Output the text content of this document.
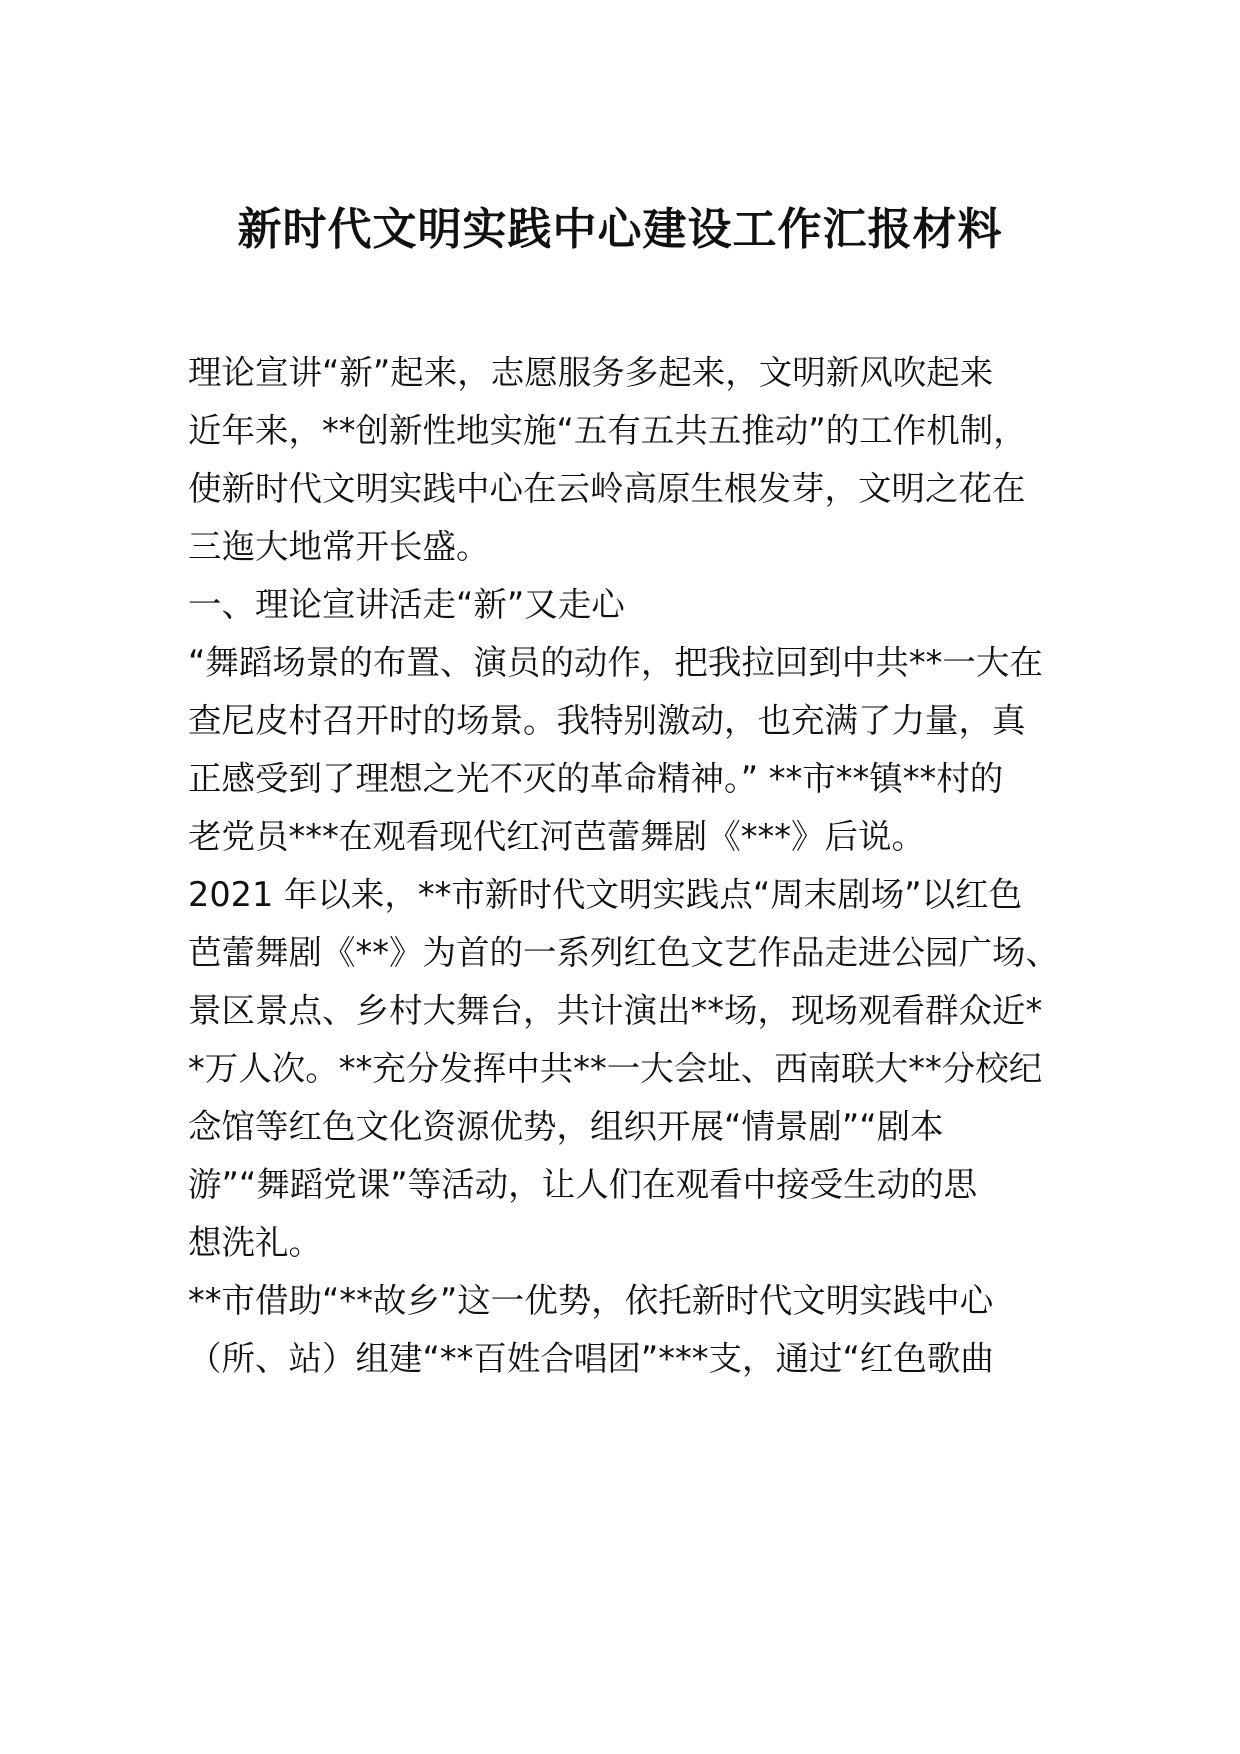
新时代文明实践中心建设工作汇报材料
理论宣讲“新”起来，志愿服务多起来，文明新风吹起来
近年来，**创新性地实施“五有五共五推动”的工作机制，
使新时代文明实践中心在云岭高原生根发芽，文明之花在
三迤大地常开长盛。
一、理论宣讲活走“新”又走心
“舞蹈场景的布置、演员的动作，把我拉回到中共**一大在
查尼皮村召开时的场景。我特别激动，也充满了力量，真
正感受到了理想之光不灭的革命精神。” **市**镇**村的
老党员***在观看现代红河芭蕾舞剧《***》后说。
2021 年以来，**市新时代文明实践点“周末剧场”以红色
芭蕾舞剧《**》为首的一系列红色文艺作品走进公园广场、
景区景点、乡村大舞台，共计演出**场，现场观看群众近*
*万人次。**充分发挥中共**一大会址、西南联大**分校纪
念馆等红色文化资源优势，组织开展“情景剧”“剧本
游”“舞蹈党课”等活动，让人们在观看中接受生动的思
想洗礼。
**市借助“**故乡”这一优势，依托新时代文明实践中心
（所、站）组建“**百姓合唱团”***支，通过“红色歌曲
